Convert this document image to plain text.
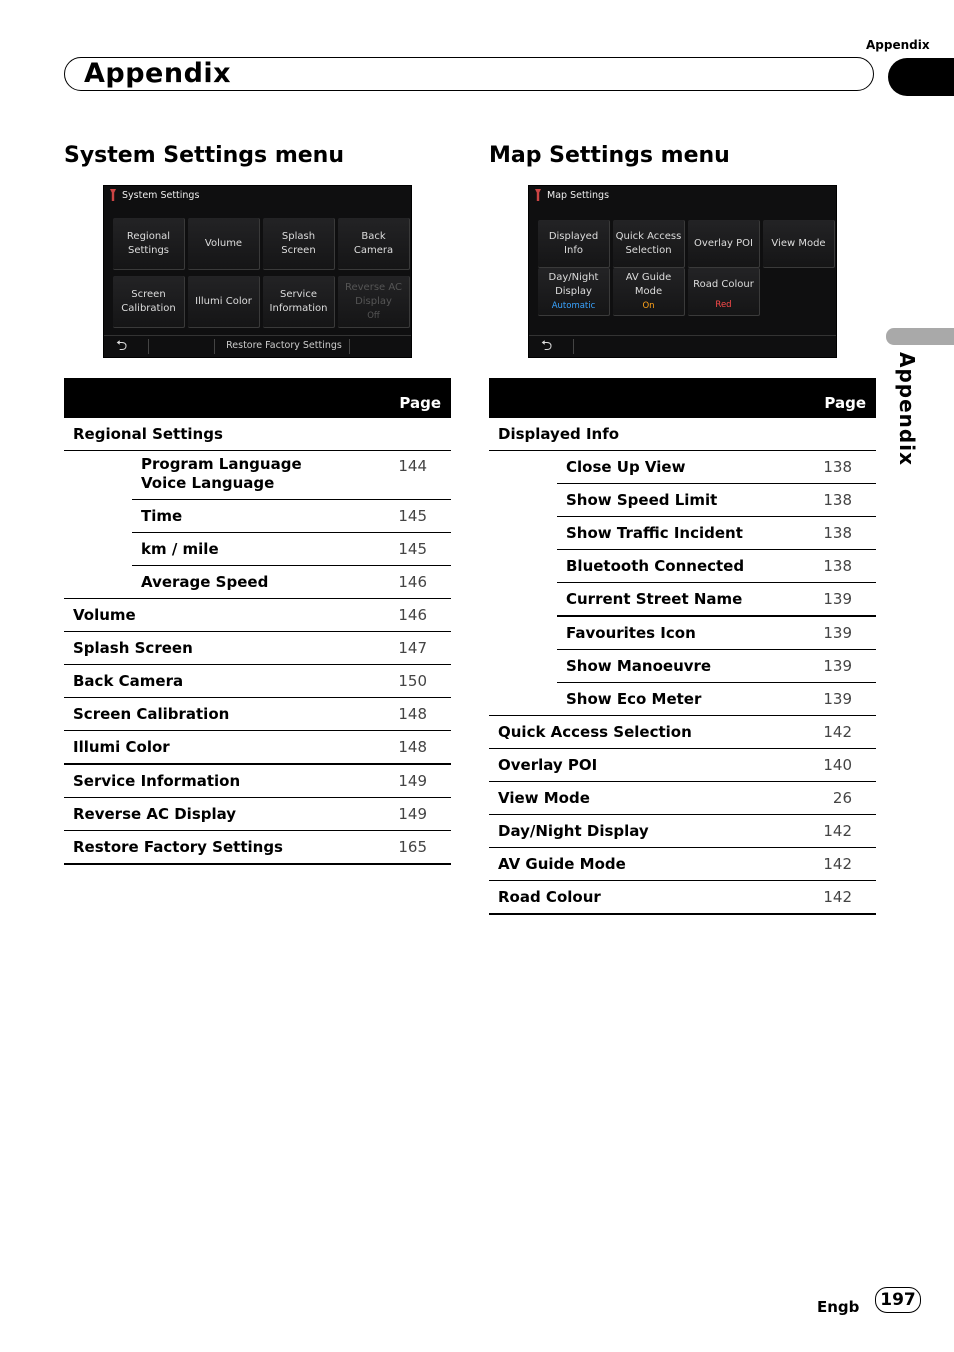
Appendix
Appendix
Appendix
System Settings menu
System Settings
Regional Settings
Volume
Splash Screen
Back Camera
Screen Calibration
Illumi Color
Service Information
Reverse AC Display
Off
⮌	Restore Factory Settings
Page		
Regional Settings		

	Program Language
Voice Language	144
	Time	145
	km / mile	145
	Average Speed	146
Volume		146
Splash Screen		147
Back Camera		150
Screen Calibration		148
Illumi Color		148
Service Information		149
Reverse AC Display		149
Restore Factory Settings		165
Map Settings menu
Map Settings
Displayed Info
Quick Access Selection
Overlay POI View Mode
Day/Night Display
Automatic
AV Guide Mode
On
Road Colour
Red
⮌
Page		
Displayed Info		
	Close Up View	138
	Show Speed Limit	138
	Show Traffic Incident	138
	Bluetooth Connected	138
	Current Street Name	139
	Favourites Icon	139
	Show Manoeuvre	139
	Show Eco Meter	139
Quick Access Selection		142
Overlay POI		140
View Mode		26
Day/Night Display		142
AV Guide Mode		142
Road Colour		142
Engb	197
